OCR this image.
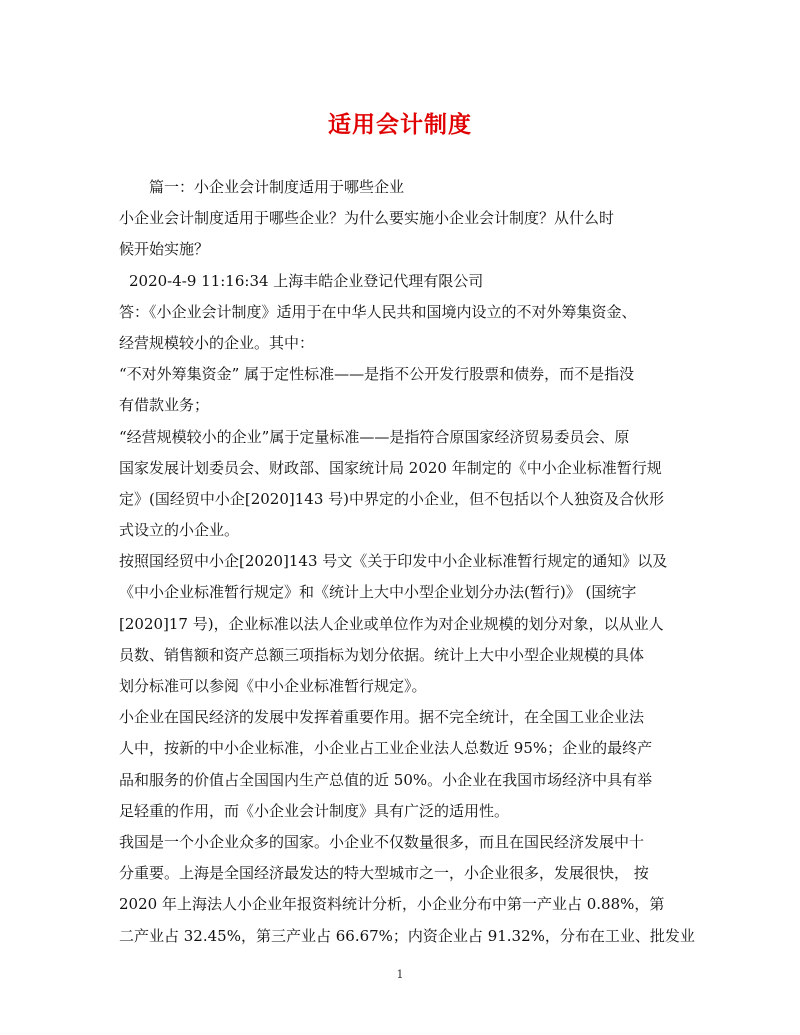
适用会计制度
篇一：小企业会计制度适用于哪些企业
小企业会计制度适用于哪些企业？为什么要实施小企业会计制度？从什么时
候开始实施？
2020-4-9 11:16:34 上海丰皓企业登记代理有限公司
答：《小企业会计制度》适用于在中华人民共和国境内设立的不对外筹集资金、
经营规模较小的企业。其中：
“不对外筹集资金” 属于定性标准——是指不公开发行股票和债券，而不是指没
有借款业务；
“经营规模较小的企业”属于定量标准——是指符合原国家经济贸易委员会、原
国家发展计划委员会、财政部、国家统计局 2020 年制定的《中小企业标准暂行规
定》(国经贸中小企[2020]143 号)中界定的小企业，但不包括以个人独资及合伙形
式设立的小企业。
按照国经贸中小企[2020]143 号文《关于印发中小企业标准暂行规定的通知》以及
《中小企业标准暂行规定》和《统计上大中小型企业划分办法(暂行)》 (国统字
[2020]17 号)，企业标准以法人企业或单位作为对企业规模的划分对象，以从业人
员数、销售额和资产总额三项指标为划分依据。统计上大中小型企业规模的具体
划分标准可以参阅《中小企业标准暂行规定》。
小企业在国民经济的发展中发挥着重要作用。据不完全统计，在全国工业企业法
人中，按新的中小企业标准，小企业占工业企业法人总数近 95%；企业的最终产
品和服务的价值占全国国内生产总值的近 50%。小企业在我国市场经济中具有举
足轻重的作用，而《小企业会计制度》具有广泛的适用性。
我国是一个小企业众多的国家。小企业不仅数量很多，而且在国民经济发展中十
分重要。上海是全国经济最发达的特大型城市之一，小企业很多，发展很快， 按
2020 年上海法人小企业年报资料统计分析，小企业分布中第一产业占 0.88%，第
二产业占 32.45%，第三产业占 66.67%；内资企业占 91.32%，分布在工业、批发业
1
